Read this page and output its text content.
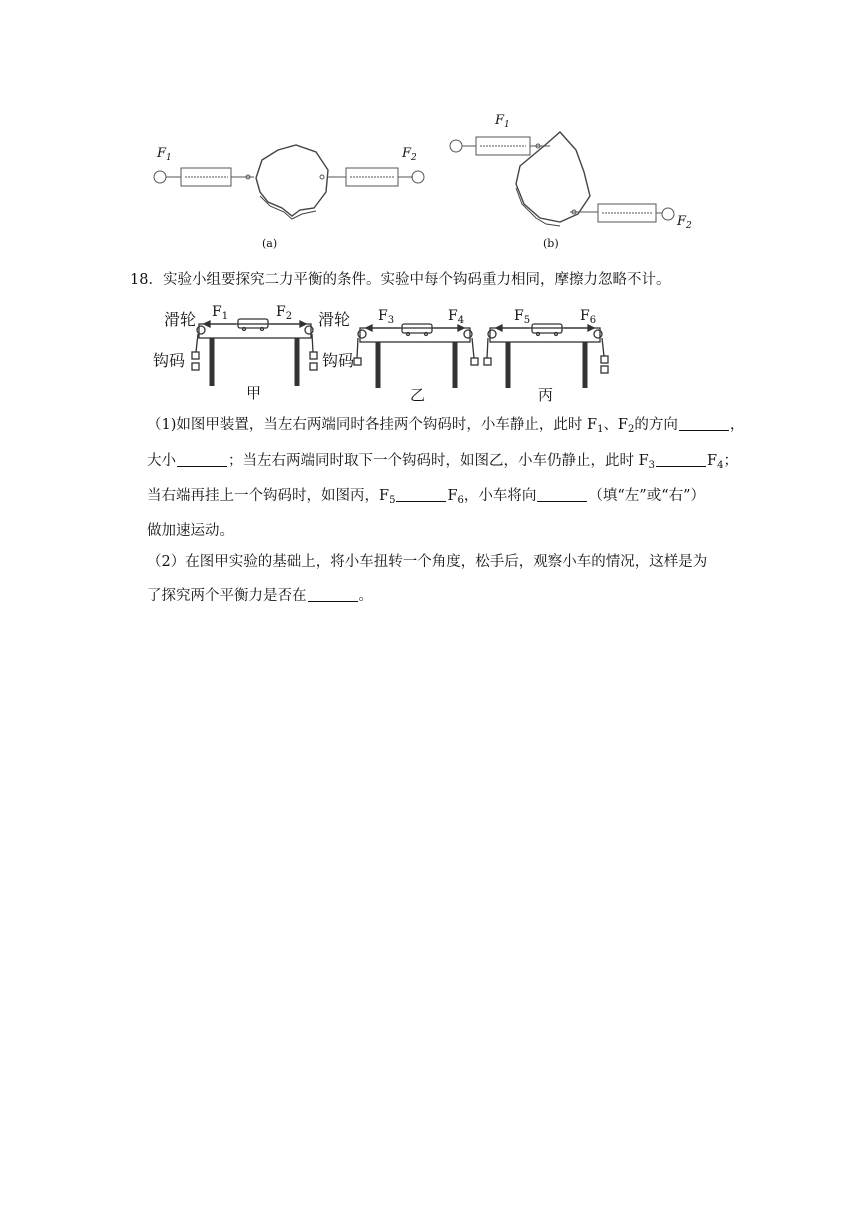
$F_1$	$F_2$
(a)
$F_1$
$F_2$
(b)
18．实验小组要探究二力平衡的条件。实验中每个钩码重力相同，摩擦力忽略不计。
滑轮	滑轮
钩码	钩码
$F_1$	$F_2$
甲
$F_3$	$F_4$
乙
$F_5$	$F_6$
丙
（1)如图甲装置，当左右两端同时各挂两个钩码时，小车静止，此时 $F_1$、$F_2$的方向	，
大小	；当左右两端同时取下一个钩码时，如图乙，小车仍静止，此时 $F_3$	$F_4$；
当右端再挂上一个钩码时，如图丙，$F_5$	$F_6$，小车将向	（填“左”或“右”）
做加速运动。
（2）在图甲实验的基础上，将小车扭转一个角度，松手后，观察小车的情况，这样是为
了探究两个平衡力是否在	。
